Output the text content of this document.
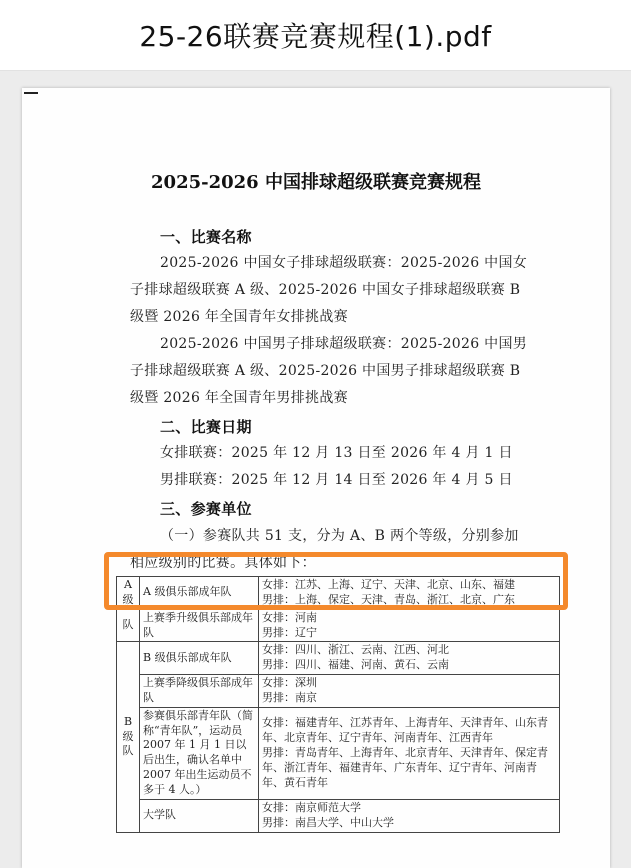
25-26联赛竞赛规程(1).pdf
2025-2026 中国排球超级联赛竞赛规程
一、比赛名称
2025-2026 中国女子排球超级联赛：2025-2026 中国女
子排球超级联赛 A 级、2025-2026 中国女子排球超级联赛 B
级暨 2026 年全国青年女排挑战赛
2025-2026 中国男子排球超级联赛：2025-2026 中国男
子排球超级联赛 A 级、2025-2026 中国男子排球超级联赛 B
级暨 2026 年全国青年男排挑战赛
二、比赛日期
女排联赛：2025 年 12 月 13 日至 2026 年 4 月 1 日
男排联赛：2025 年 12 月 14 日至 2026 年 4 月 5 日
三、参赛单位
（一）参赛队共 51 支，分为 A、B 两个等级，分别参加
相应级别的比赛。具体如下：
A级	A 级俱乐部成年队	女排：江苏、上海、辽宁、天津、北京、山东、福建
男排：上海、保定、天津、青岛、浙江、北京、广东

队	上赛季升级俱乐部成年队	女排：河南
男排：辽宁

B级队	B 级俱乐部成年队	女排：四川、浙江、云南、江西、河北
男排：四川、福建、河南、黄石、云南

	上赛季降级俱乐部成年队	女排：深圳
男排：南京

	参赛俱乐部青年队（简称“青年队”，运动员 2007 年 1 月 1 日以后出生，确认名单中 2007 年出生运动员不多于 4 人。）	女排：福建青年、江苏青年、上海青年、天津青年、山东青年、北京青年、辽宁青年、河南青年、江西青年
男排：青岛青年、上海青年、北京青年、天津青年、保定青年、浙江青年、福建青年、广东青年、辽宁青年、河南青年、黄石青年

	大学队	女排：南京师范大学
男排：南昌大学、中山大学
